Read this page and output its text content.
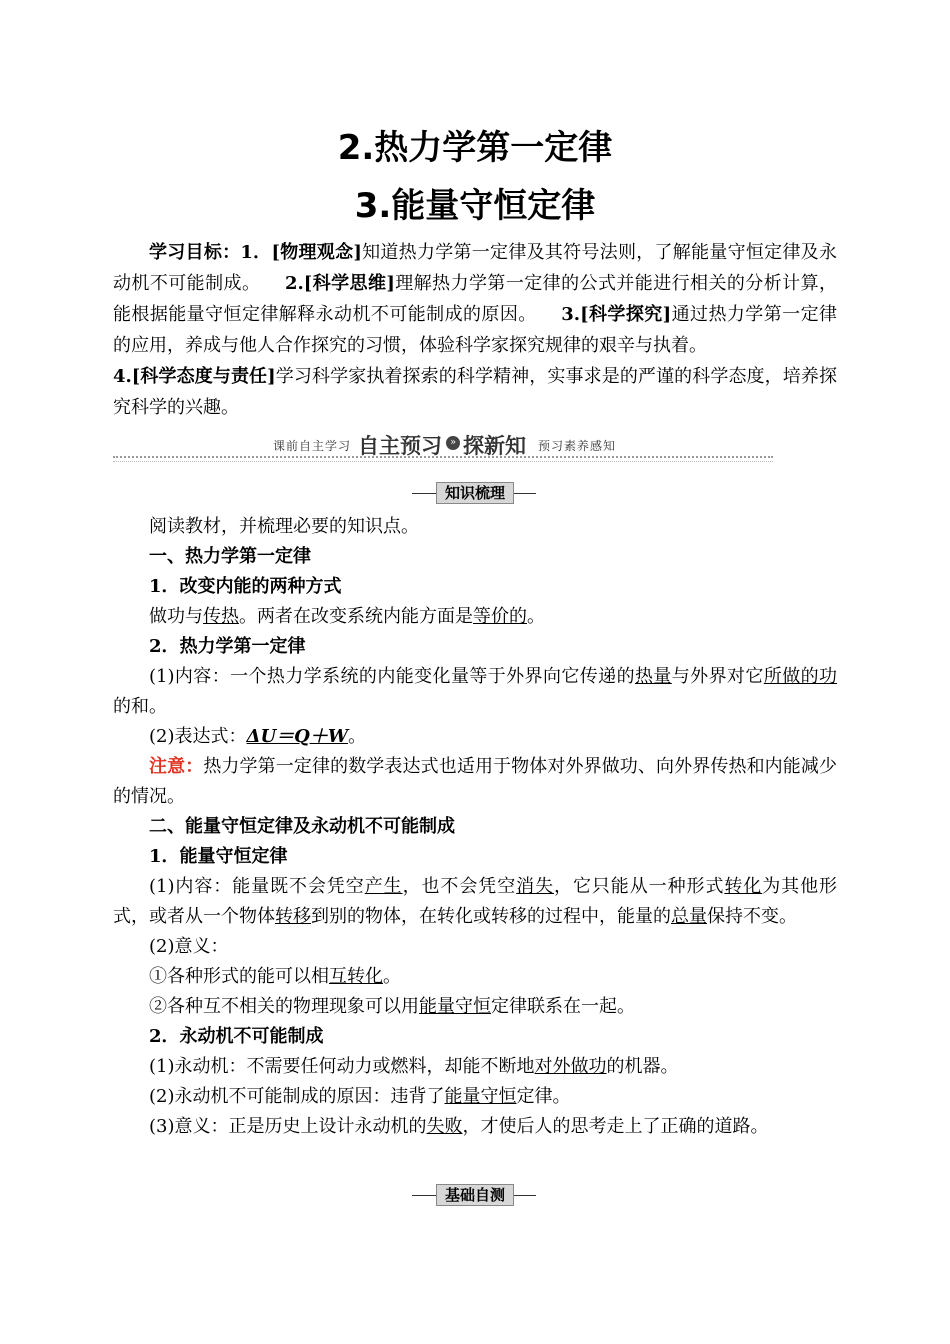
2.热力学第一定律
3.能量守恒定律

学习目标：1．[物理观念]知道热力学第一定律及其符号法则，了解能量守恒定律及永动机不可能制成。 2.[科学思维]理解热力学第一定律的公式并能进行相关的分析计算，能根据能量守恒定律解释永动机不可能制成的原因。 3.[科学探究]通过热力学第一定律的应用，养成与他人合作探究的习惯，体验科学家探究规律的艰辛与执着。

4.[科学态度与责任]学习科学家执着探索的科学精神，实事求是的严谨的科学态度，培养探究科学的兴趣。

课前自主学习 自主预习 » 探新知 预习素养感知
知识梳理

阅读教材，并梳理必要的知识点。

一、热力学第一定律

1．改变内能的两种方式

做功与传热。两者在改变系统内能方面是等价的。

2．热力学第一定律

(1)内容：一个热力学系统的内能变化量等于外界向它传递的热量与外界对它所做的功的和。

(2)表达式：ΔU＝Q＋W。

注意：热力学第一定律的数学表达式也适用于物体对外界做功、向外界传热和内能减少的情况。

二、能量守恒定律及永动机不可能制成

1．能量守恒定律

(1)内容：能量既不会凭空产生，也不会凭空消失，它只能从一种形式转化为其他形式，或者从一个物体转移到别的物体，在转化或转移的过程中，能量的总量保持不变。

(2)意义：

①各种形式的能可以相互转化。

②各种互不相关的物理现象可以用能量守恒定律联系在一起。

2．永动机不可能制成

(1)永动机：不需要任何动力或燃料，却能不断地对外做功的机器。

(2)永动机不可能制成的原因：违背了能量守恒定律。

(3)意义：正是历史上设计永动机的失败，才使后人的思考走上了正确的道路。

基础自测
